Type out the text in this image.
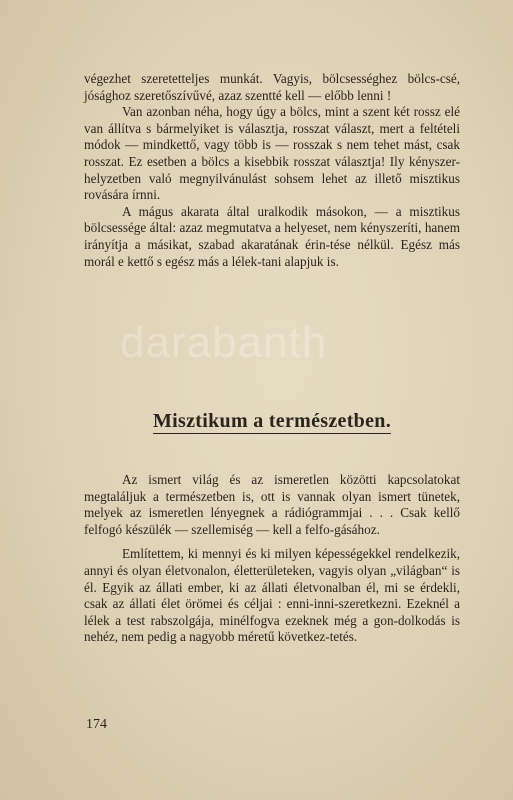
végezhet szeretetteljes munkát. Vagyis, bölcsességhez bölcs-csé, jósághoz szeretőszívűvé, azaz szentté kell — előbb lenni !

Van azonban néha, hogy úgy a bölcs, mint a szent két rossz elé van állítva s bármelyiket is választja, rosszat választ, mert a feltételi módok — mindkettő, vagy több is — rosszak s nem tehet mást, csak rosszat. Ez esetben a bölcs a kisebbik rosszat választja! Ily kényszer-helyzetben való megnyilvánulást sohsem lehet az illető misztikus rovására írnni.

A mágus akarata által uralkodik másokon, — a misztikus bölcsessége által: azaz megmutatva a helyeset, nem kényszeríti, hanem irányítja a másikat, szabad akaratának érin-tése nélkül. Egész más morál e kettő s egész más a lélek-tani alapjuk is.

darabanth
Misztikum a természetben.

Az ismert világ és az ismeretlen közötti kapcsolatokat megtaláljuk a természetben is, ott is vannak olyan ismert tünetek, melyek az ismeretlen lényegnek a rádiógrammjai . . . Csak kellő felfogó készülék — szellemiség — kell a felfo-gásához.

Említettem, ki mennyi és ki milyen képességekkel rendelkezik, annyi és olyan életvonalon, életterületeken, vagyis olyan „világban“ is él. Egyik az állati ember, ki az állati életvonalban él, mi se érdekli, csak az állati élet örömei és céljai : enni-inni-szeretkezni. Ezeknél a lélek a test rabszolgája, minélfogva ezeknek még a gon-dolkodás is nehéz, nem pedig a nagyobb méretű következ-tetés.

174
